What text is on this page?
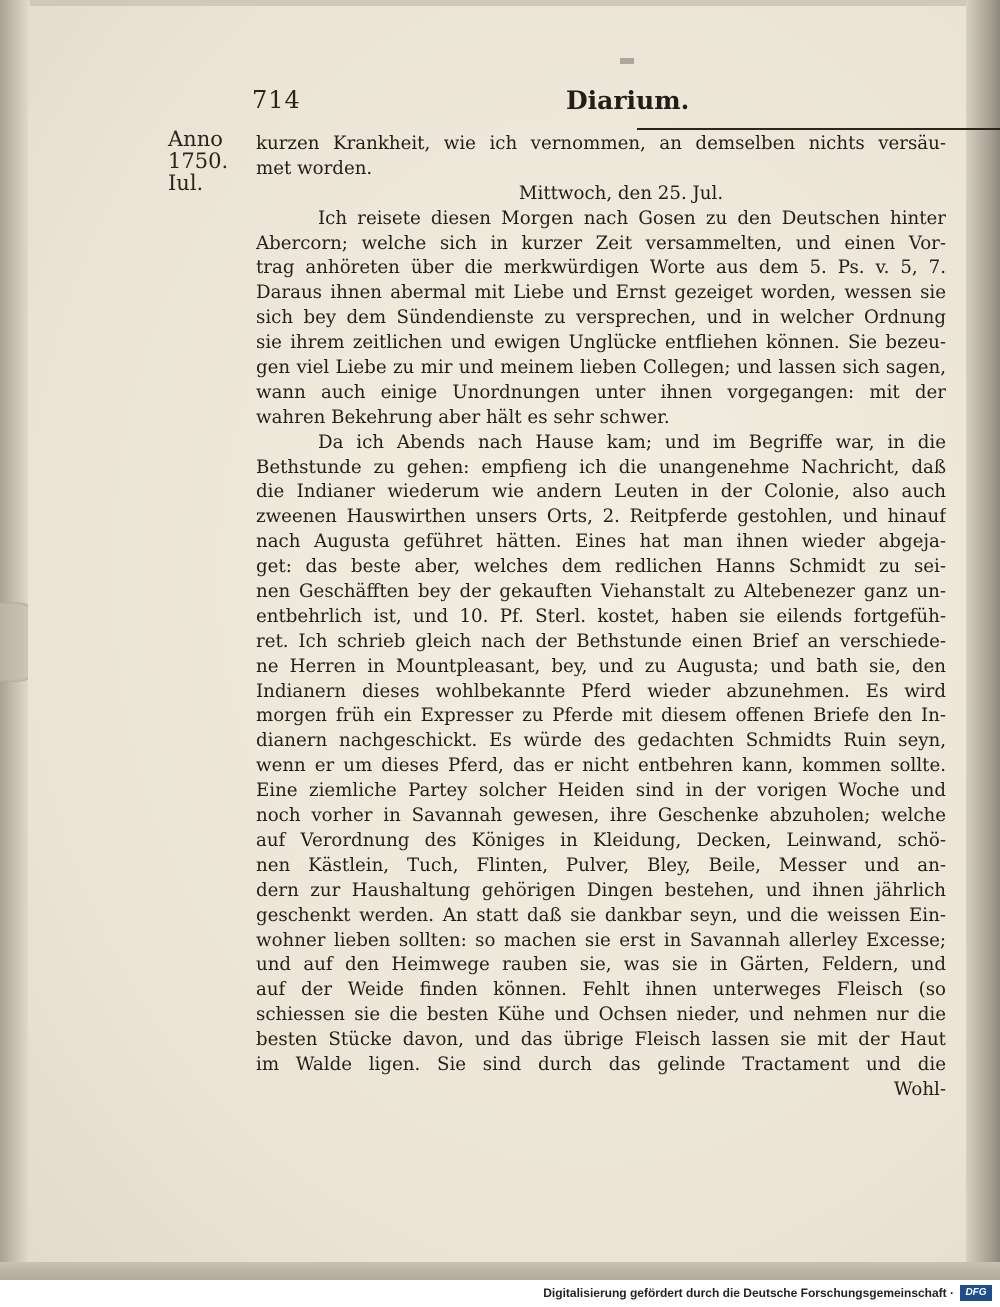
714	Diarium.
Anno
1750.
Iul.
kurzen Krankheit, wie ich vernommen, an demselben nichts versäu-
met worden.
Mittwoch, den 25. Jul.
Ich reisete diesen Morgen nach Gosen zu den Deutschen hinter
Abercorn; welche sich in kurzer Zeit versammelten, und einen Vor-
trag anhöreten über die merkwürdigen Worte aus dem 5. Ps. v. 5, 7.
Daraus ihnen abermal mit Liebe und Ernst gezeiget worden, wessen sie
sich bey dem Sündendienste zu versprechen, und in welcher Ordnung
sie ihrem zeitlichen und ewigen Unglücke entfliehen können. Sie bezeu-
gen viel Liebe zu mir und meinem lieben Collegen; und lassen sich sagen,
wann auch einige Unordnungen unter ihnen vorgegangen: mit der
wahren Bekehrung aber hält es sehr schwer.
Da ich Abends nach Hause kam; und im Begriffe war, in die
Bethstunde zu gehen: empfieng ich die unangenehme Nachricht, daß
die Indianer wiederum wie andern Leuten in der Colonie, also auch
zweenen Hauswirthen unsers Orts, 2. Reitpferde gestohlen, und hinauf
nach Augusta geführet hätten. Eines hat man ihnen wieder abgeja-
get: das beste aber, welches dem redlichen Hanns Schmidt zu sei-
nen Geschäfften bey der gekauften Viehanstalt zu Altebenezer ganz un-
entbehrlich ist, und 10. Pf. Sterl. kostet, haben sie eilends fortgefüh-
ret. Ich schrieb gleich nach der Bethstunde einen Brief an verschiede-
ne Herren in Mountpleasant, bey, und zu Augusta; und bath sie, den
Indianern dieses wohlbekannte Pferd wieder abzunehmen. Es wird
morgen früh ein Expresser zu Pferde mit diesem offenen Briefe den In-
dianern nachgeschickt. Es würde des gedachten Schmidts Ruin seyn,
wenn er um dieses Pferd, das er nicht entbehren kann, kommen sollte.
Eine ziemliche Partey solcher Heiden sind in der vorigen Woche und
noch vorher in Savannah gewesen, ihre Geschenke abzuholen; welche
auf Verordnung des Königes in Kleidung, Decken, Leinwand, schö-
nen Kästlein, Tuch, Flinten, Pulver, Bley, Beile, Messer und an-
dern zur Haushaltung gehörigen Dingen bestehen, und ihnen jährlich
geschenkt werden. An statt daß sie dankbar seyn, und die weissen Ein-
wohner lieben sollten: so machen sie erst in Savannah allerley Excesse;
und auf den Heimwege rauben sie, was sie in Gärten, Feldern, und
auf der Weide finden können. Fehlt ihnen unterweges Fleisch (so
schiessen sie die besten Kühe und Ochsen nieder, und nehmen nur die
besten Stücke davon, und das übrige Fleisch lassen sie mit der Haut
im Walde ligen. Sie sind durch das gelinde Tractament und die
Wohl-
Digitalisierung gefördert durch die Deutsche Forschungsgemeinschaft ·	DFG
